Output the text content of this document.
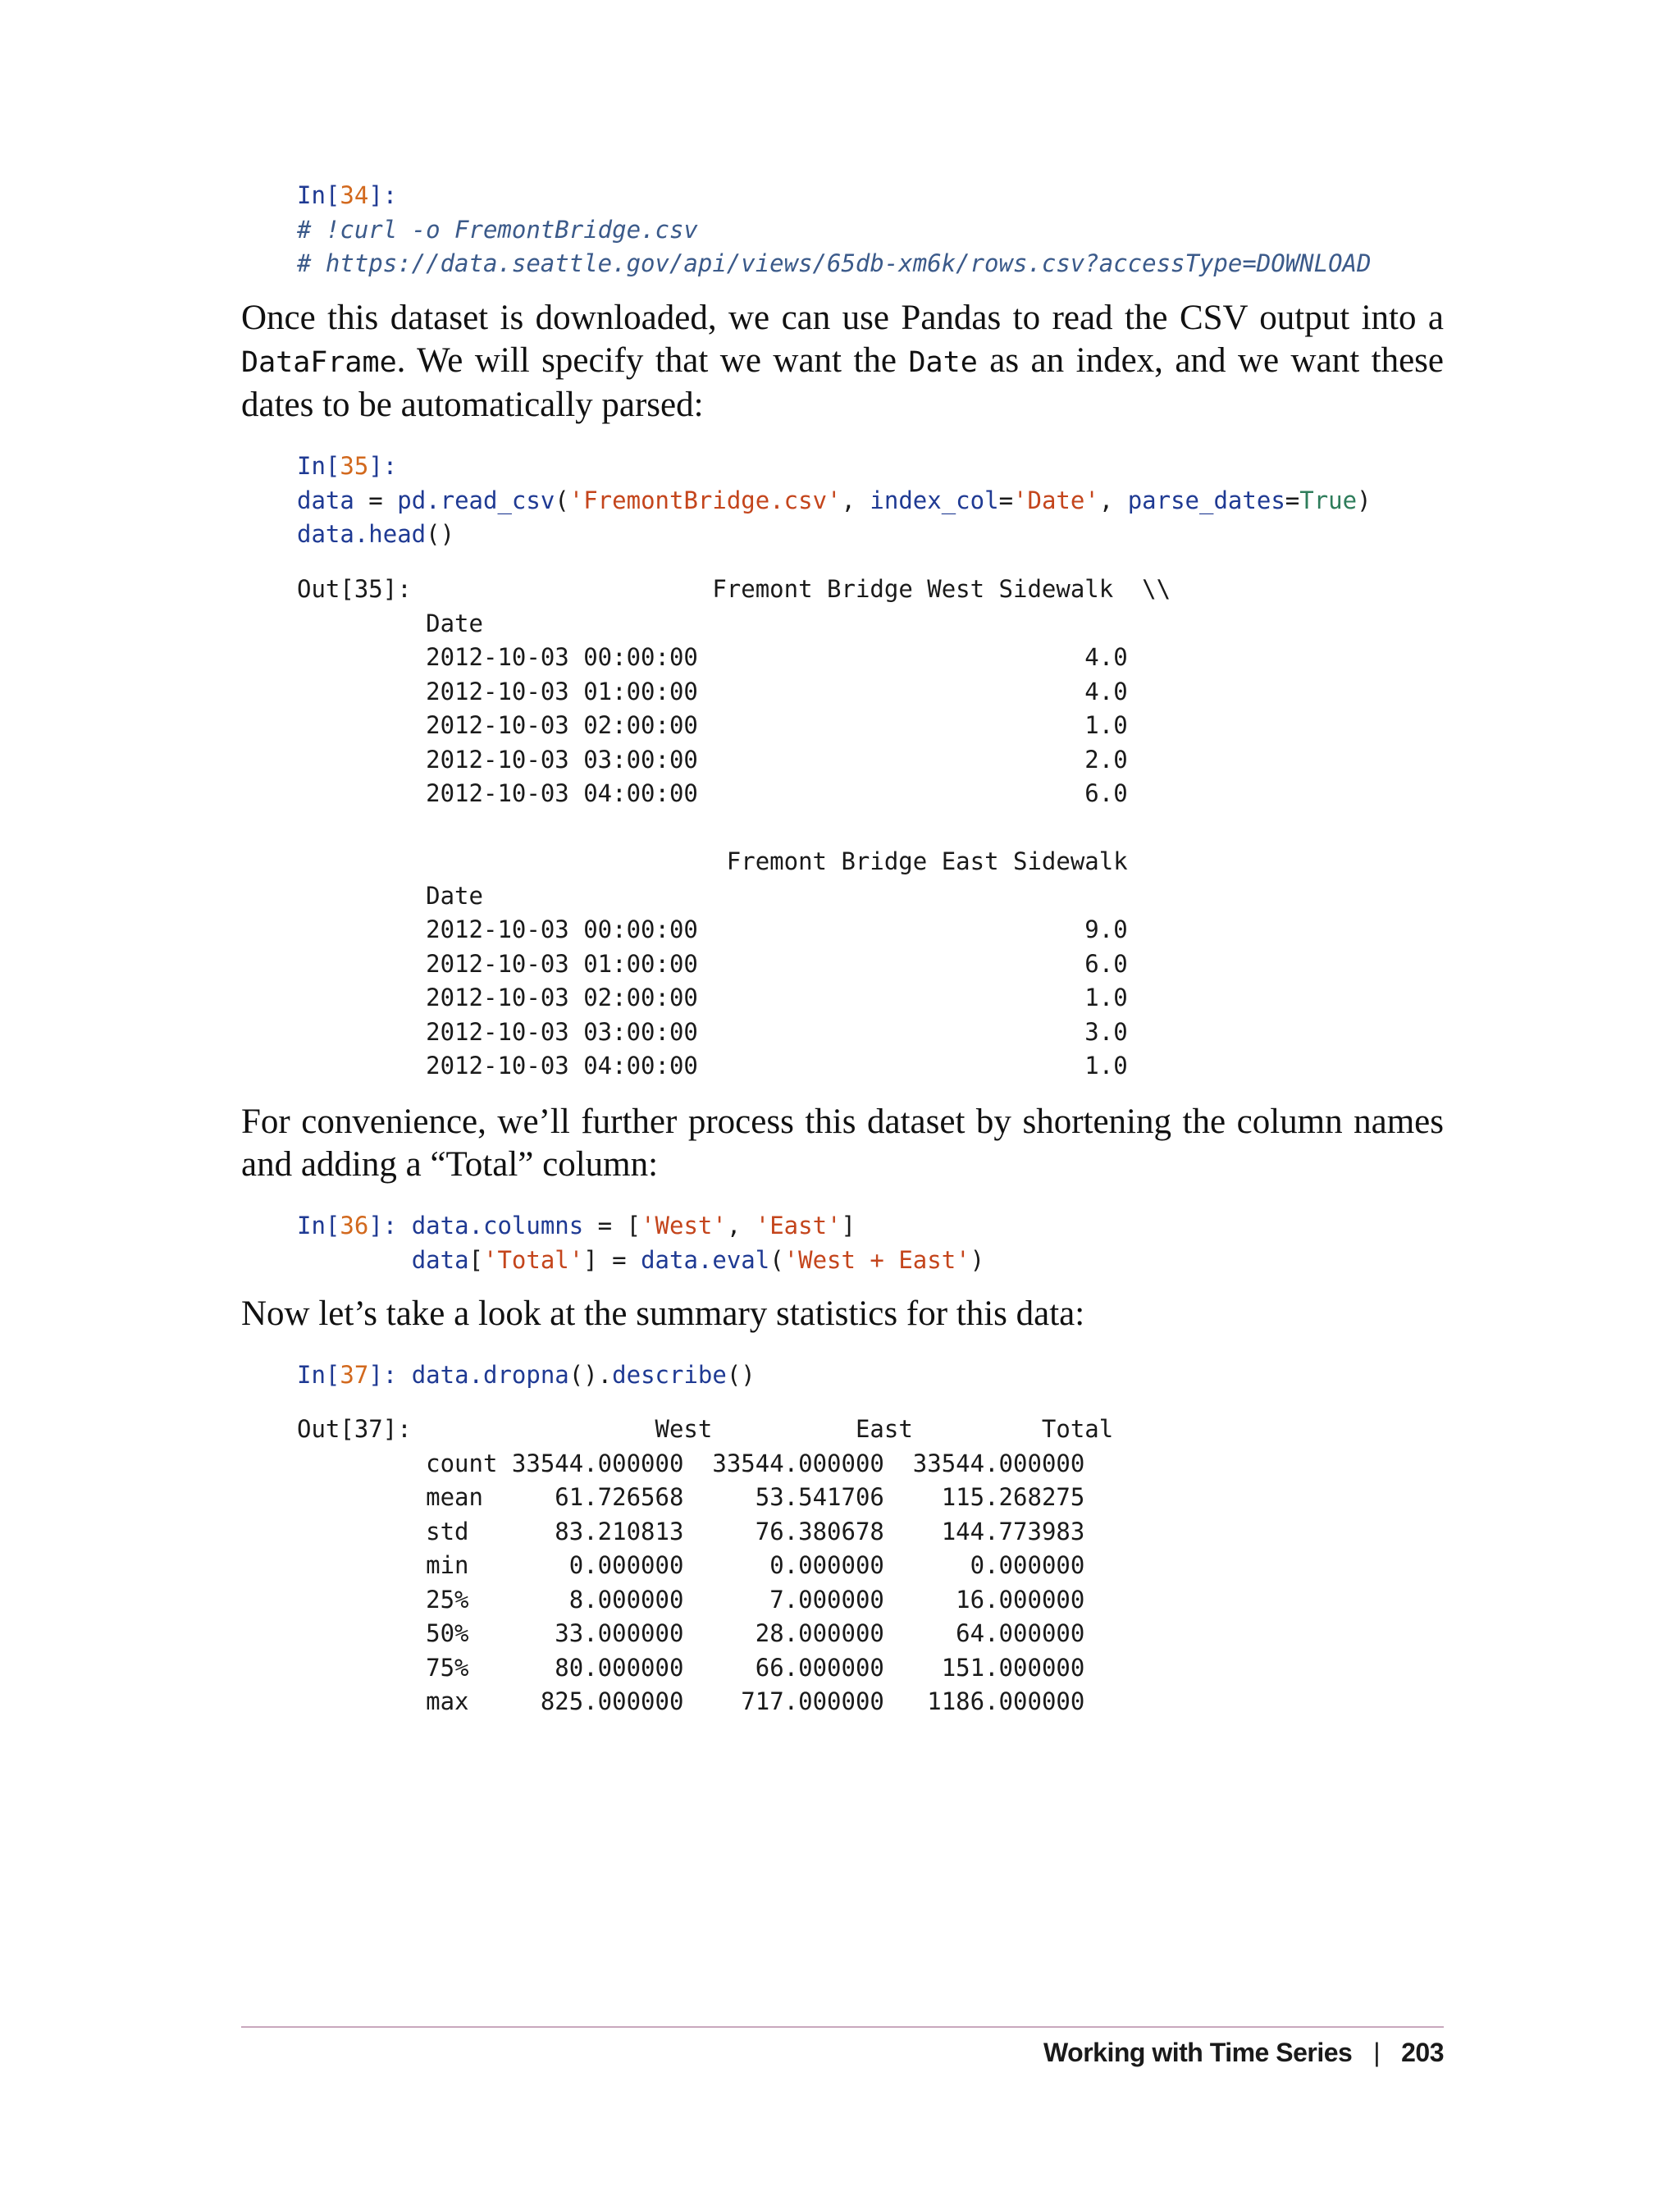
In[34]:
# !curl -o FremontBridge.csv
# https://data.seattle.gov/api/views/65db-xm6k/rows.csv?accessType=DOWNLOAD

Once this dataset is downloaded, we can use Pandas to read the CSV output into a DataFrame. We will specify that we want the Date as an index, and we want these dates to be automatically parsed:

In[35]:
data = pd.read_csv('FremontBridge.csv', index_col='Date', parse_dates=True)
data.head()
Out[35]:	Fremont Bridge West Sidewalk \\
Date
2012-10-03 00:00:00	4.0
2012-10-03 01:00:00	4.0
2012-10-03 02:00:00	1.0
2012-10-03 03:00:00	2.0
2012-10-03 04:00:00	6.0

Fremont Bridge East Sidewalk
Date
2012-10-03 00:00:00	9.0
2012-10-03 01:00:00	6.0
2012-10-03 02:00:00	1.0
2012-10-03 03:00:00	3.0
2012-10-03 04:00:00	1.0

For convenience, we’ll further process this dataset by shortening the column names and adding a “Total” column:

In[36]: data.columns = ['West', 'East']
data['Total'] = data.eval('West + East')

Now let’s take a look at the summary statistics for this data:

In[37]: data.dropna().describe()
Out[37]:	West          East         Total
count 33544.000000 33544.000000  33544.000000
mean     61.726568     53.541706    115.268275
std      83.210813     76.380678    144.773983
min       0.000000      0.000000      0.000000
25%       8.000000      7.000000     16.000000
50%      33.000000     28.000000     64.000000
75%      80.000000     66.000000    151.000000
max     825.000000    717.000000   1186.000000
Working with Time Series | 203
